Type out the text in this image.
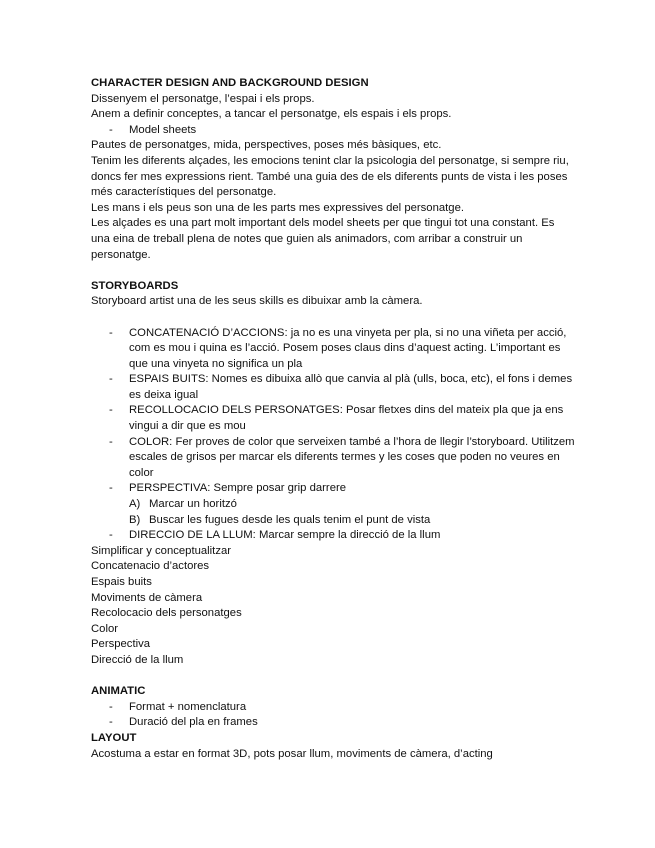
CHARACTER DESIGN AND BACKGROUND DESIGN

Dissenyem el personatge, l’espai i els props.

Anem a definir conceptes, a tancar el personatge, els espais i els props.

- Model sheets

Pautes de personatges, mida, perspectives, poses més bàsiques, etc.

Tenim les diferents alçades, les emocions tenint clar la psicologia del personatge, si sempre riu, doncs fer mes expressions rient. També una guia des de els diferents punts de vista i les poses més característiques del personatge.

Les mans i els peus son una de les parts mes expressives del personatge.

Les alçades es una part molt important dels model sheets per que tingui tot una constant. Es una eina de treball plena de notes que guien als animadors, com arribar a construir un personatge.

STORYBOARDS

Storyboard artist una de les seus skills es dibuixar amb la càmera.

- CONCATENACIÓ D’ACCIONS: ja no es una vinyeta per pla, si no una viñeta per acció, com es mou i quina es l’acció. Posem poses claus dins d’aquest acting. L’important es que una vinyeta no significa un pla

- ESPAIS BUITS: Nomes es dibuixa allò que canvia al plà (ulls, boca, etc), el fons i demes es deixa igual

- RECOLLOCACIO DELS PERSONATGES: Posar fletxes dins del mateix pla que ja ens vingui a dir que es mou

- COLOR: Fer proves de color que serveixen també a l’hora de llegir l’storyboard. Utilitzem escales de grisos per marcar els diferents termes y les coses que poden no veures en color

- PERSPECTIVA: Sempre posar grip darrere

A) Marcar un horitzó

B) Buscar les fugues desde les quals tenim el punt de vista

- DIRECCIO DE LA LLUM: Marcar sempre la direcció de la llum

Simplificar y conceptualitzar

Concatenacio d’actores

Espais buits

Moviments de càmera

Recolocacio dels personatges

Color

Perspectiva

Direcció de la llum

ANIMATIC

- Format + nomenclatura

- Duració del pla en frames

LAYOUT

Acostuma a estar en format 3D, pots posar llum, moviments de càmera, d’acting
